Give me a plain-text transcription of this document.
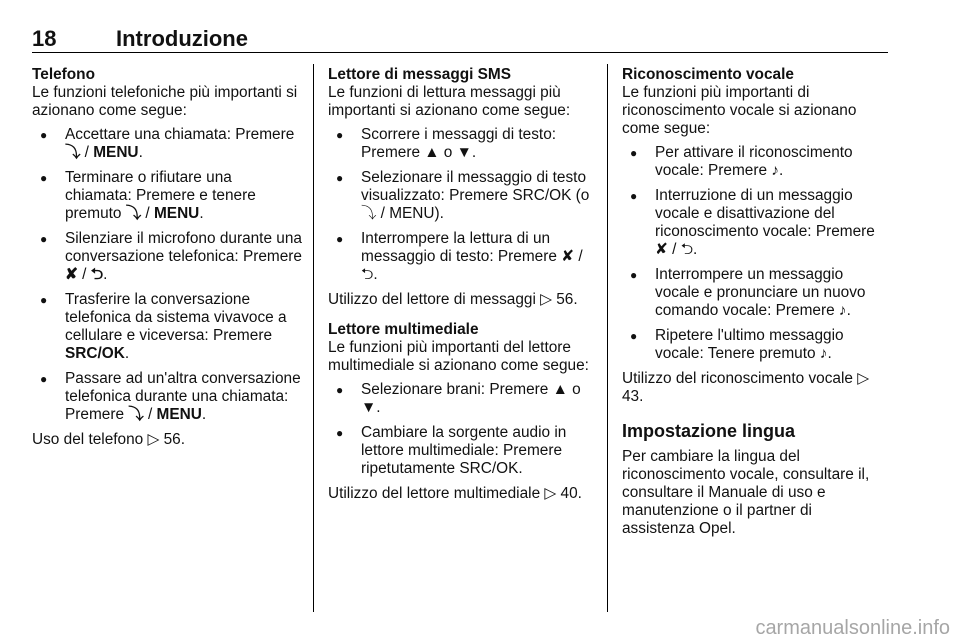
18	Introduzione
Telefono

Le funzioni telefoniche più importanti si azionano come segue:

● Accettare una chiamata: Premere ⤵ / MENU.
● Terminare o rifiutare una chiamata: Premere e tenere premuto ⤵ / MENU.
● Silenziare il microfono durante una conversazione telefonica: Premere ✘ / ⮌.
● Trasferire la conversazione telefonica da sistema vivavoce a cellulare e viceversa: Premere SRC/OK.
● Passare ad un'altra conversazione telefonica durante una chiamata: Premere ⤵ / MENU.

Uso del telefono ▷ 56.

Lettore di messaggi SMS

Le funzioni di lettura messaggi più importanti si azionano come segue:

● Scorrere i messaggi di testo: Premere ▲ o ▼.
● Selezionare il messaggio di testo visualizzato: Premere SRC/OK (o ⤵ / MENU).
● Interrompere la lettura di un messaggio di testo: Premere ✘ / ⮌.

Utilizzo del lettore di messaggi ▷ 56.

Lettore multimediale

Le funzioni più importanti del lettore multimediale si azionano come segue:

● Selezionare brani: Premere ▲ o ▼.
● Cambiare la sorgente audio in lettore multimediale: Premere ripetutamente SRC/OK.

Utilizzo del lettore multimediale ▷ 40.

Riconoscimento vocale

Le funzioni più importanti di riconoscimento vocale si azionano come segue:

● Per attivare il riconoscimento vocale: Premere ♪.
● Interruzione di un messaggio vocale e disattivazione del riconoscimento vocale: Premere ✘ / ⮌.
● Interrompere un messaggio vocale e pronunciare un nuovo comando vocale: Premere ♪.
● Ripetere l'ultimo messaggio vocale: Tenere premuto ♪.

Utilizzo del riconoscimento vocale ▷ 43.

Impostazione lingua

Per cambiare la lingua del riconoscimento vocale, consultare il, consultare il Manuale di uso e manutenzione o il partner di assistenza Opel.

carmanualsonline.info
